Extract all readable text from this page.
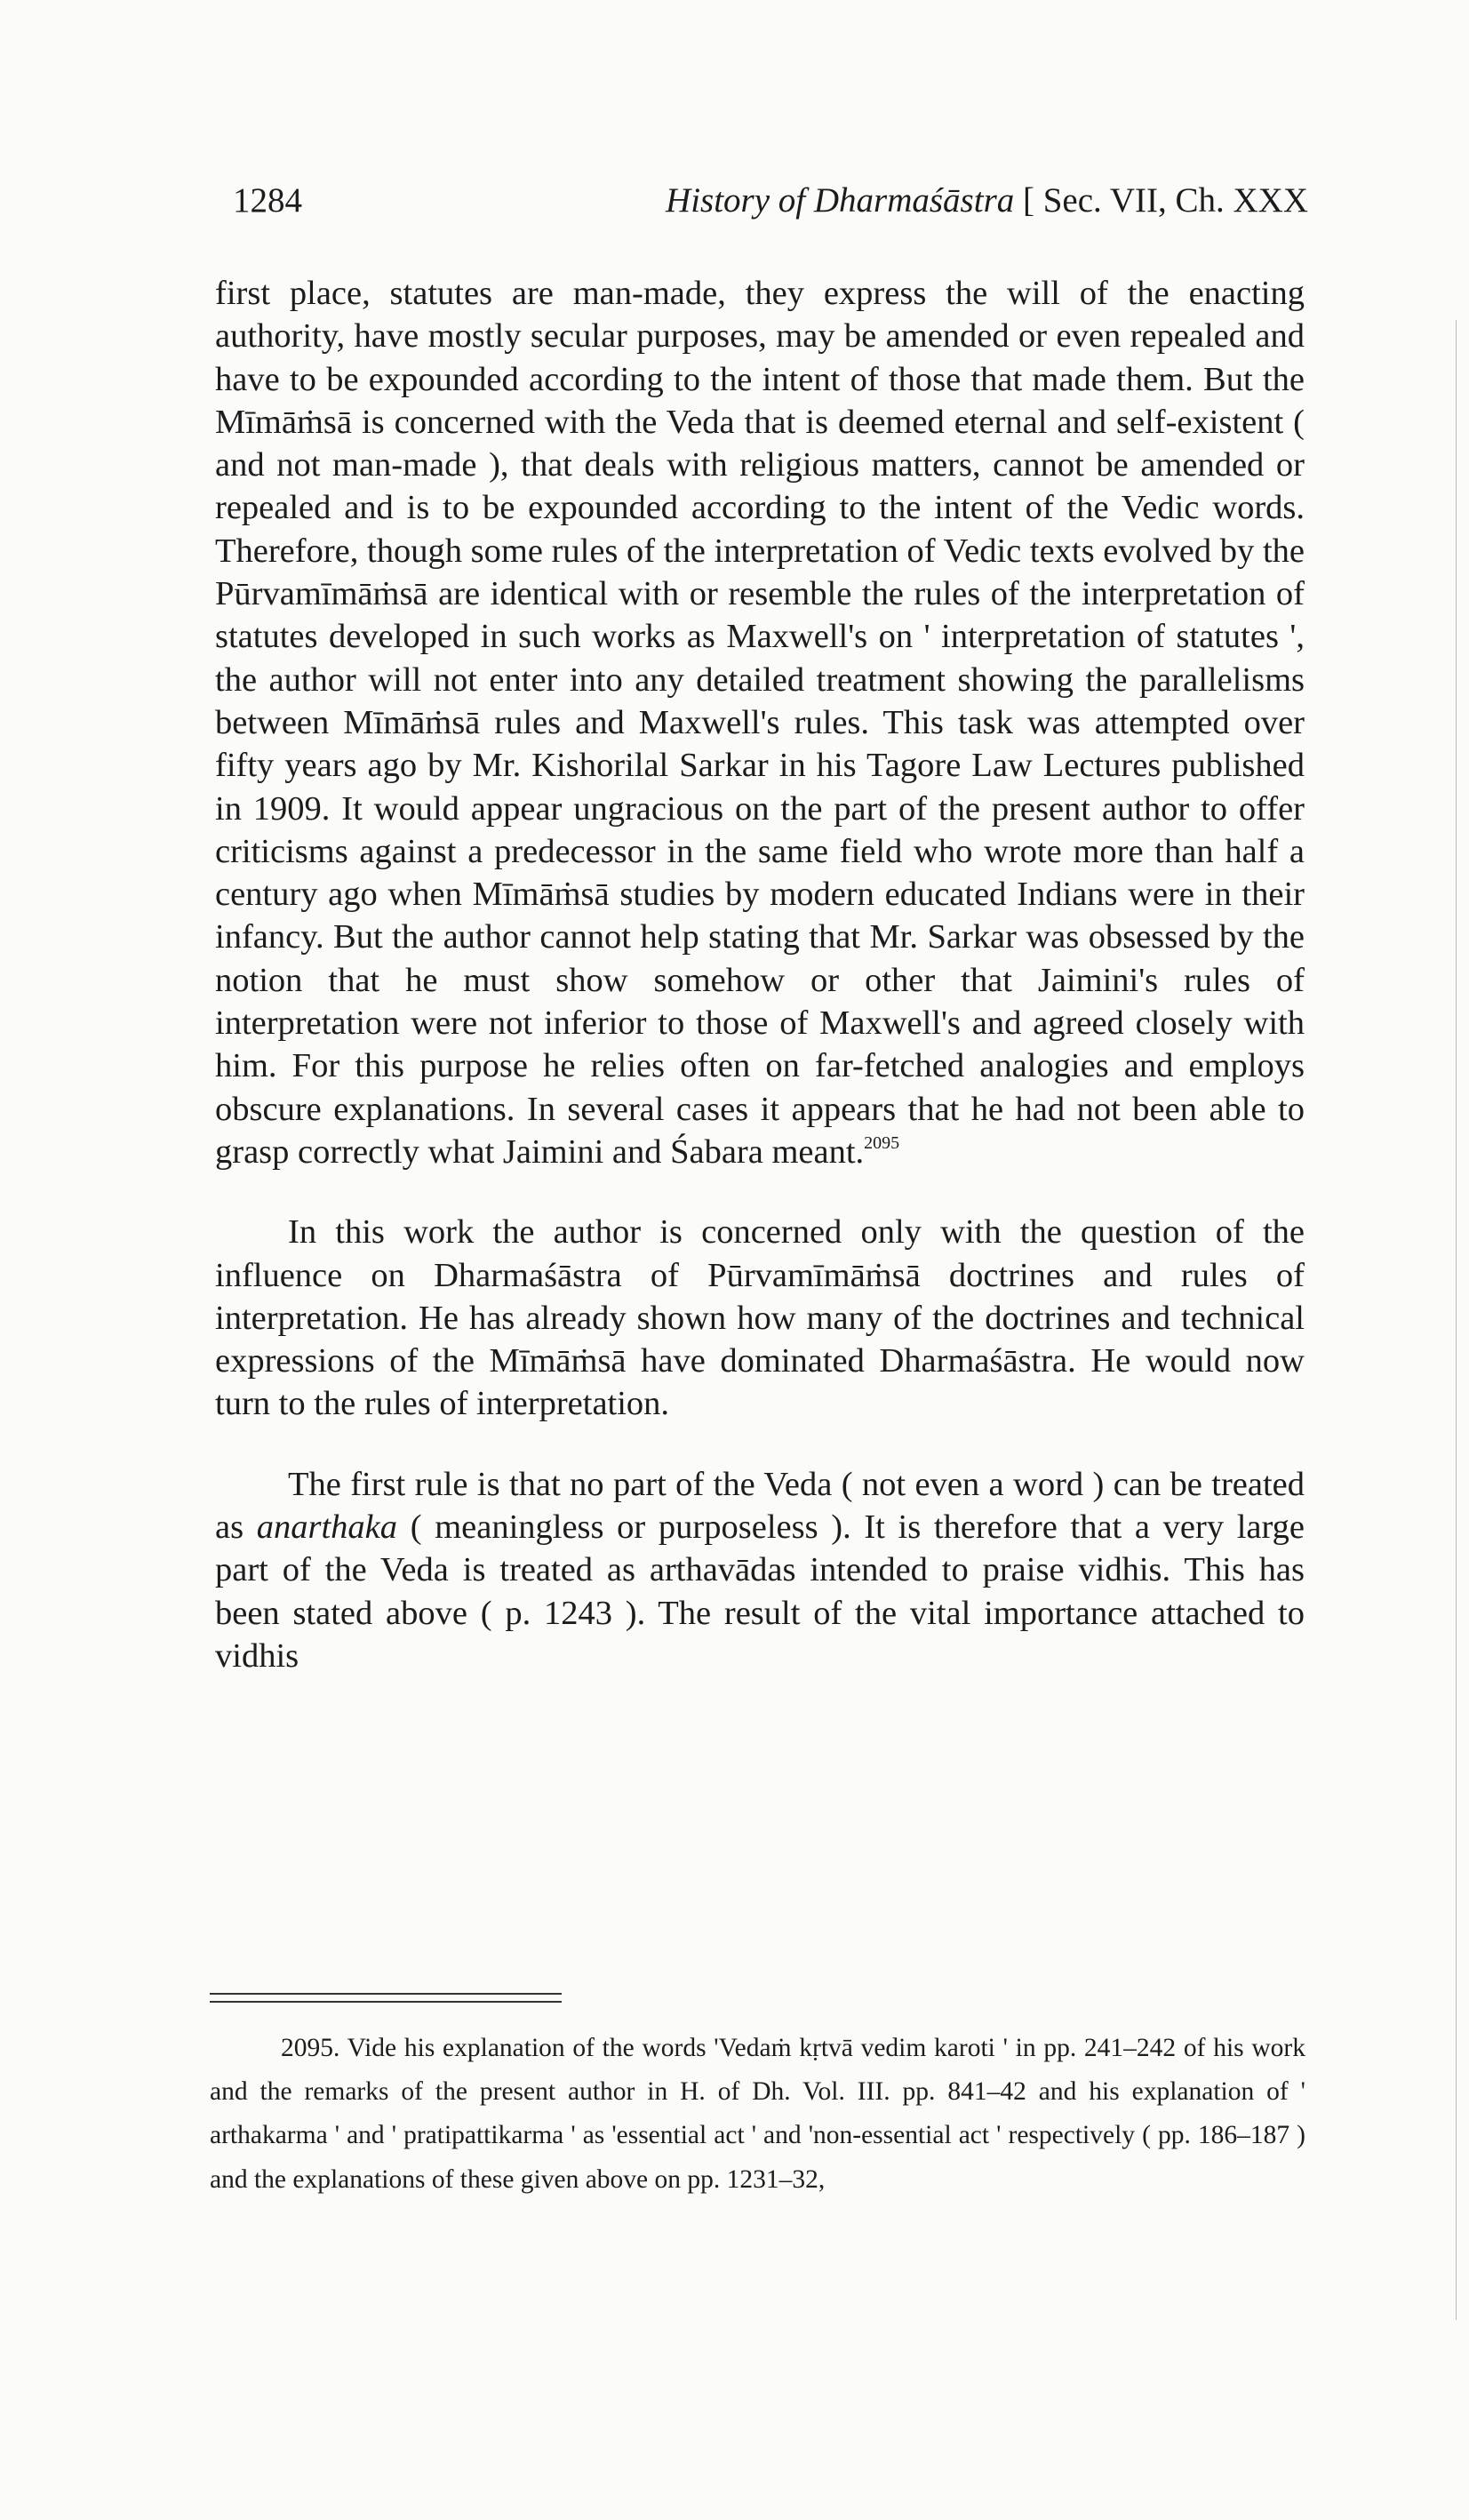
1284	History of Dharmaśāstra [ Sec. VII, Ch. XXX

first place, statutes are man-made, they express the will of the enacting authority, have mostly secular purposes, may be amended or even repealed and have to be expounded according to the intent of those that made them. But the Mīmāṁsā is concerned with the Veda that is deemed eternal and self-existent ( and not man-made ), that deals with religious matters, cannot be amended or repealed and is to be expounded according to the intent of the Vedic words. Therefore, though some rules of the interpretation of Vedic texts evolved by the Pūrvamīmāṁsā are identical with or resemble the rules of the interpretation of statutes developed in such works as Maxwell's on ' interpretation of statutes ', the author will not enter into any detailed treatment showing the parallelisms between Mīmāṁsā rules and Maxwell's rules. This task was attempted over fifty years ago by Mr. Kishorilal Sarkar in his Tagore Law Lectures published in 1909. It would appear ungracious on the part of the present author to offer criticisms against a predecessor in the same field who wrote more than half a century ago when Mīmāṁsā studies by modern educated Indians were in their infancy. But the author cannot help stating that Mr. Sarkar was obsessed by the notion that he must show somehow or other that Jaimini's rules of interpretation were not inferior to those of Maxwell's and agreed closely with him. For this purpose he relies often on far-fetched analogies and employs obscure explanations. In several cases it appears that he had not been able to grasp correctly what Jaimini and Śabara meant.$^{2095}$

In this work the author is concerned only with the question of the influence on Dharmaśāstra of Pūrvamīmāṁsā doctrines and rules of interpretation. He has already shown how many of the doctrines and technical expressions of the Mīmāṁsā have dominated Dharmaśāstra. He would now turn to the rules of interpretation.

The first rule is that no part of the Veda ( not even a word ) can be treated as anarthaka ( meaningless or purposeless ). It is therefore that a very large part of the Veda is treated as arthavādas intended to praise vidhis. This has been stated above ( p. 1243 ). The result of the vital importance attached to vidhis

2095. Vide his explanation of the words 'Vedaṁ kṛtvā vedim karoti ' in pp. 241–242 of his work and the remarks of the present author in H. of Dh. Vol. III. pp. 841–42 and his explanation of ' arthakarma ' and ' pratipattikarma ' as 'essential act ' and 'non-essential act ' respectively ( pp. 186–187 ) and the explanations of these given above on pp. 1231–32,
